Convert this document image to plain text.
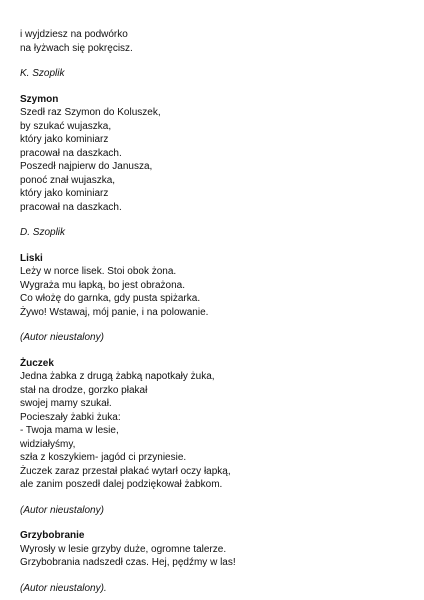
i wyjdziesz na podwórko
na łyżwach się pokręcisz.
K. Szoplik
Szymon
Szedł raz Szymon do Koluszek,
by szukać wujaszka,
który jako kominiarz
pracował na daszkach.
Poszedł najpierw do Janusza,
ponoć znał wujaszka,
który jako kominiarz
pracował na daszkach.
D. Szoplik
Liski
Leży w norce lisek. Stoi obok żona.
Wygraża mu łapką, bo jest obrażona.
Co włożę do garnka, gdy pusta spiżarka.
Żywo! Wstawaj, mój panie, i na polowanie.
(Autor nieustalony)
Żuczek
Jedna żabka z drugą żabką napotkały żuka,
stał na drodze, gorzko płakał
swojej mamy szukał.
Pocieszały żabki żuka:
- Twoja mama w lesie,
widziałyśmy,
szła z koszykiem- jagód ci przyniesie.
Żuczek zaraz przestał płakać wytarł oczy łapką,
ale zanim poszedł dalej podziękował żabkom.
(Autor nieustalony)
Grzybobranie
Wyrosły w lesie grzyby duże, ogromne talerze.
Grzybobrania nadszedł czas. Hej, pędźmy w las!
(Autor nieustalony).
